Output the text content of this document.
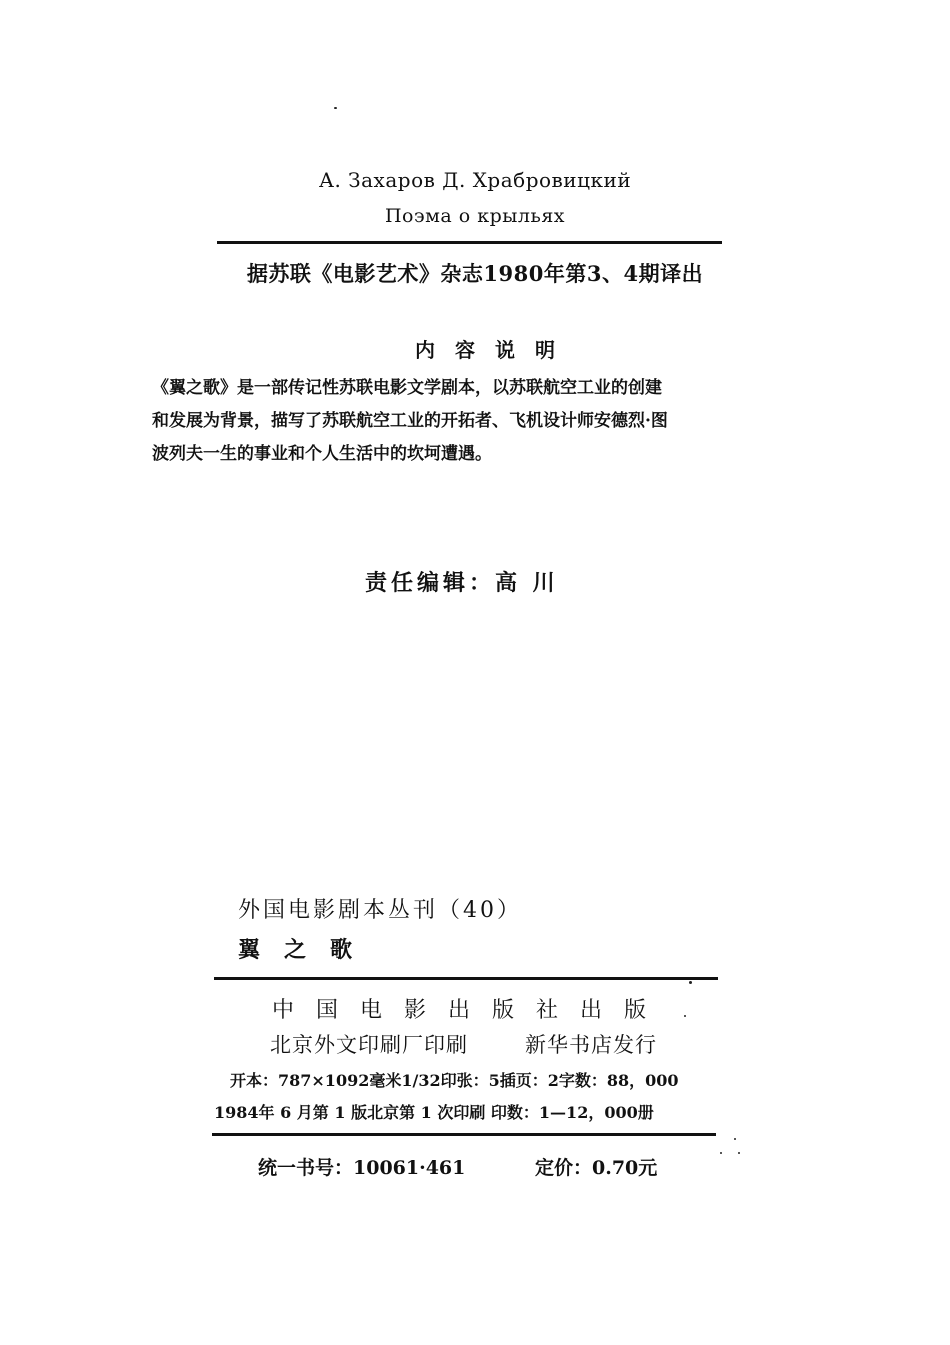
А. Захаров Д. Храбровицкий
Поэма о крыльях
据苏联《电影艺术》杂志1980年第3、4期译出
内容说明
《翼之歌》是一部传记性苏联电影文学剧本，以苏联航空工业的创建
和发展为背景，描写了苏联航空工业的开拓者、飞机设计师安德烈·图
波列夫一生的事业和个人生活中的坎坷遭遇。
责任编辑：高 川
外国电影剧本丛刊（40）
翼之歌
中国电影出版社出版
北京外文印刷厂印刷	新华书店发行
开本：787×1092毫米1/32印张：5插页：2字数：88，000
1984年 6 月第 1 版北京第 1 次印刷 印数：1—12，000册
统一书号：10061·461	定价：0.70元
